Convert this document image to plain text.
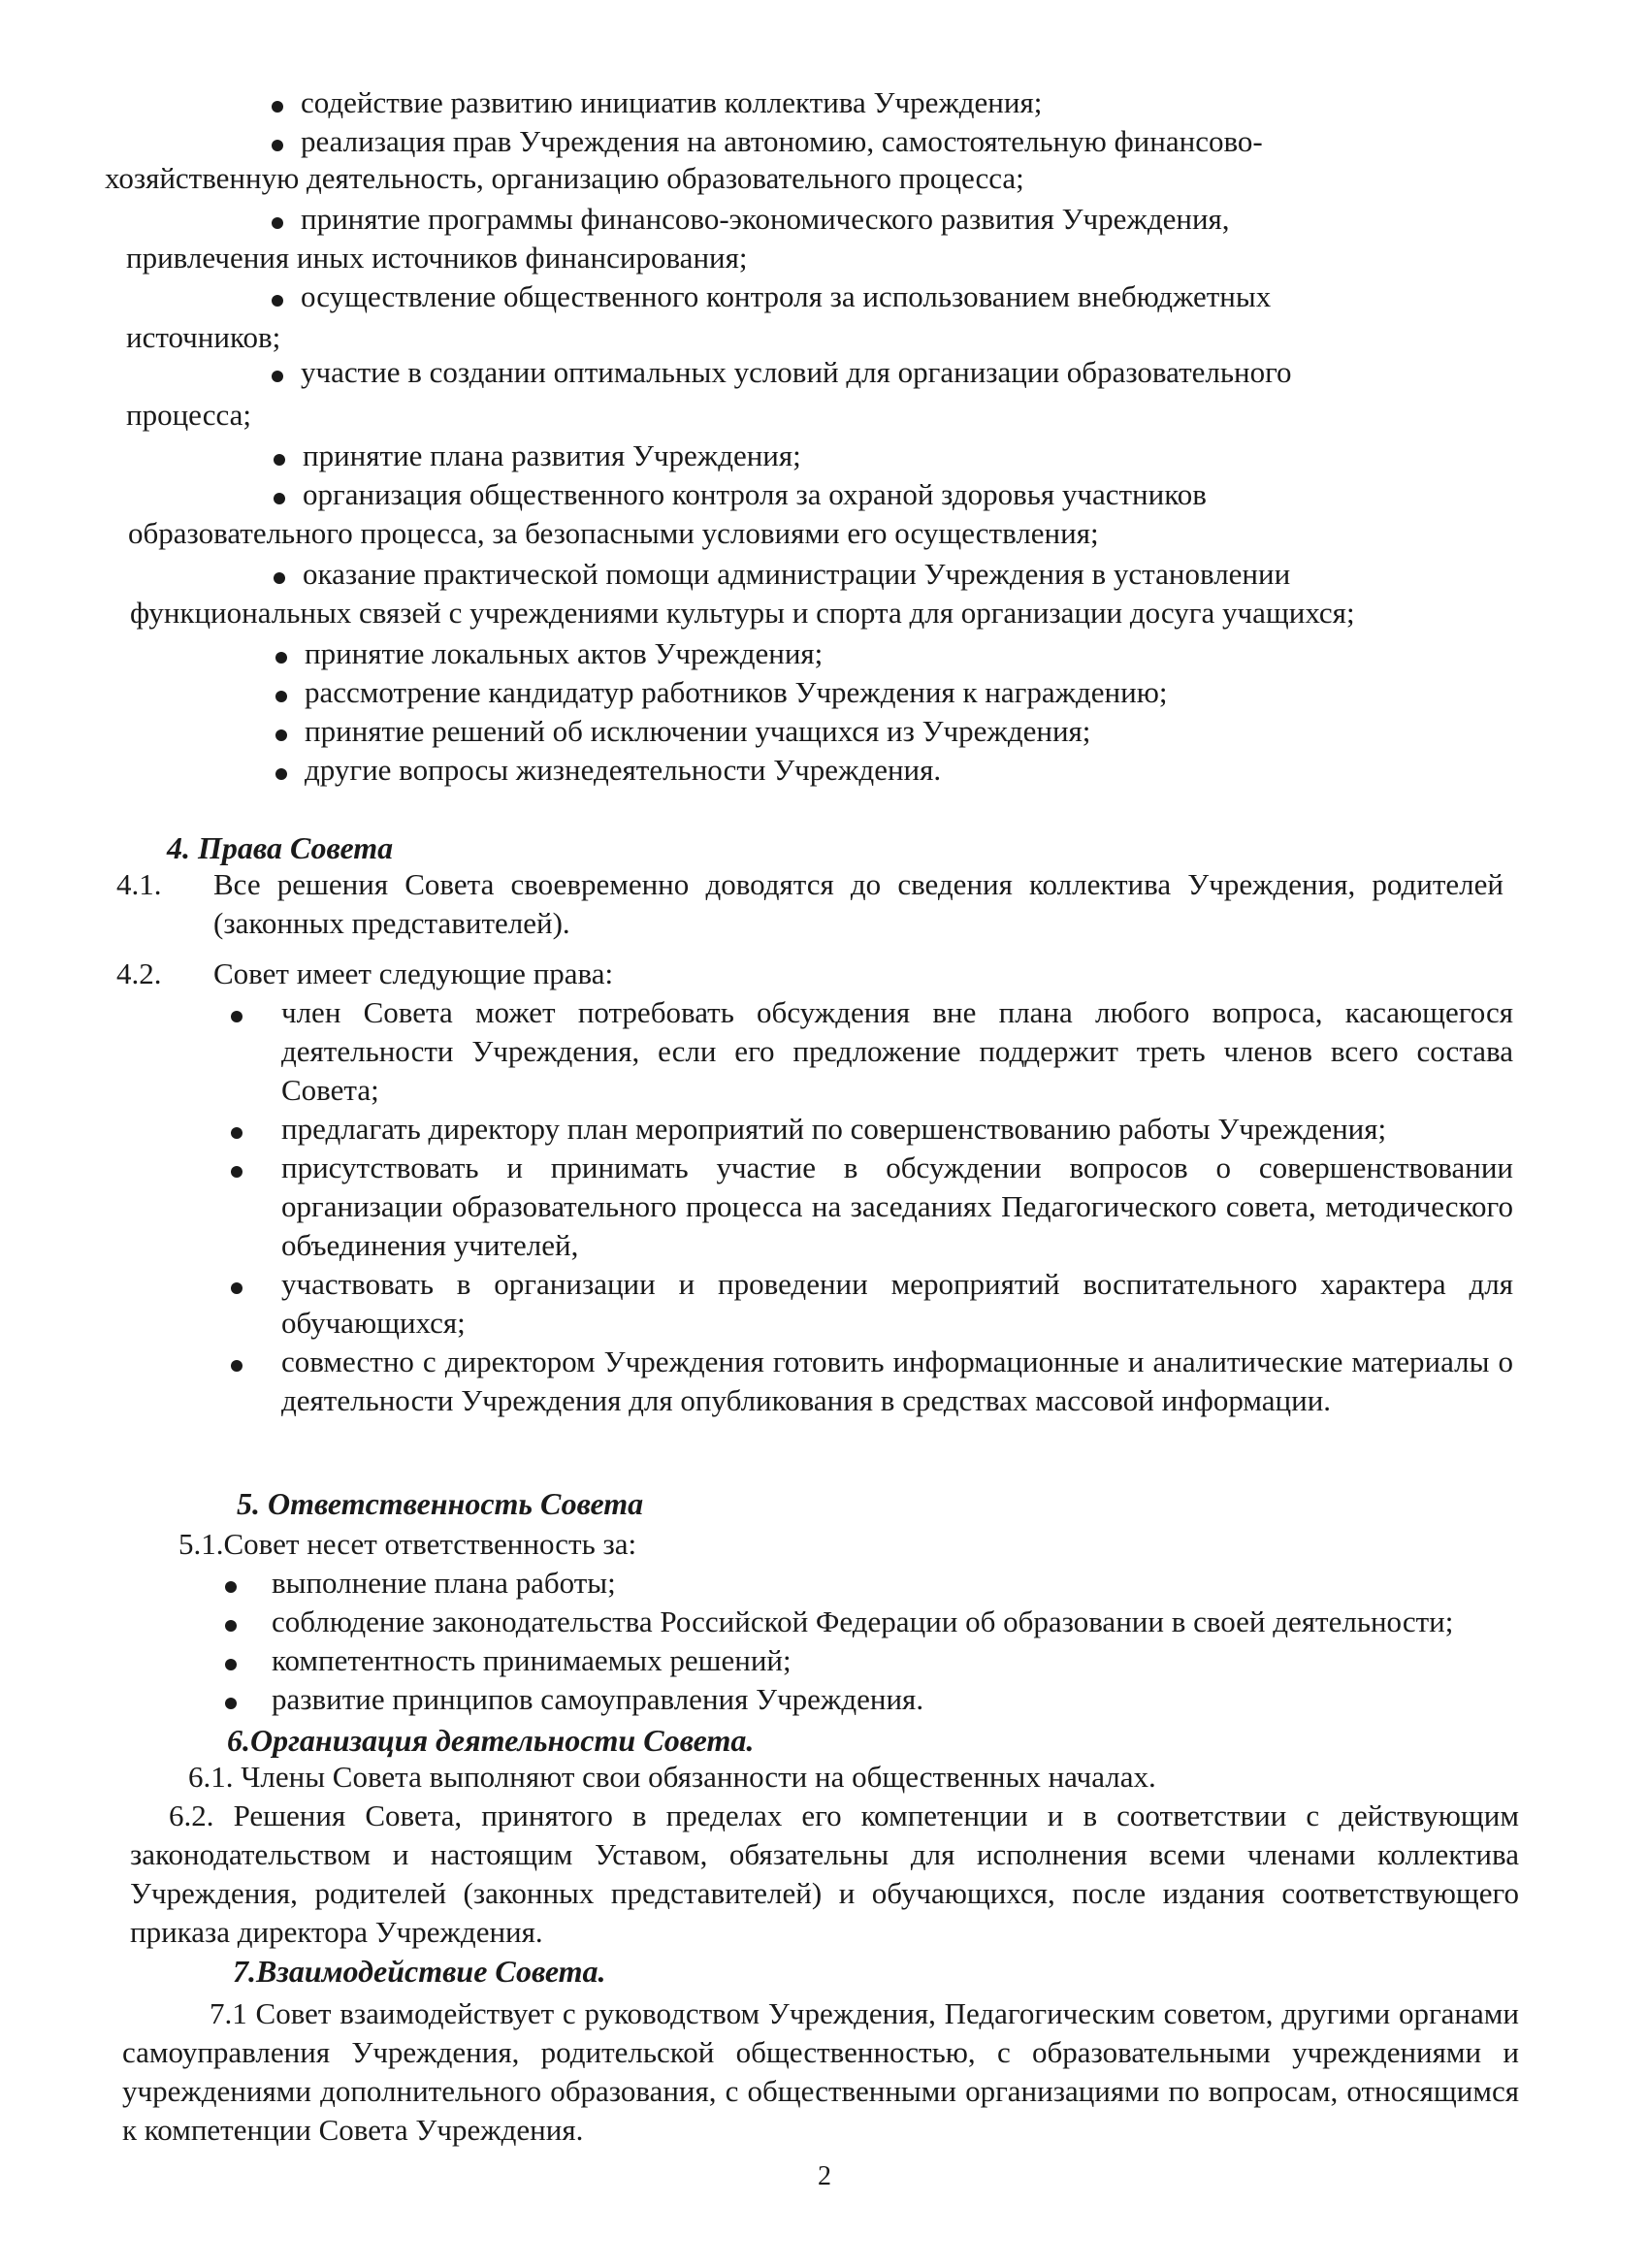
содействие развитию инициатив коллектива Учреждения;
реализация прав Учреждения на автономию, самостоятельную финансово-
хозяйственную деятельность, организацию образовательного процесса;
принятие программы финансово-экономического развития Учреждения,
привлечения иных источников финансирования;
осуществление общественного контроля за использованием внебюджетных
источников;
участие в создании оптимальных условий для организации образовательного
процесса;
принятие плана развития Учреждения;
организация общественного контроля за охраной здоровья участников
образовательного процесса, за безопасными условиями его осуществления;
оказание практической помощи администрации Учреждения в установлении
функциональных связей с учреждениями культуры и спорта для организации досуга учащихся;
принятие локальных актов Учреждения;
рассмотрение кандидатур работников Учреждения к награждению;
принятие решений об исключении учащихся из Учреждения;
другие вопросы жизнедеятельности Учреждения.
4. Права Совета
4.1. Все решения Совета своевременно доводятся до сведения коллектива Учреждения, родителей (законных представителей).
4.2. Совет имеет следующие права:
член Совета может потребовать обсуждения вне плана любого вопроса, касающегося деятельности Учреждения, если его предложение поддержит треть членов всего состава Совета;
предлагать директору план мероприятий по совершенствованию работы Учреждения;
присутствовать и принимать участие в обсуждении вопросов о совершенствовании организации образовательного процесса на заседаниях Педагогического совета, методического объединения учителей,
участвовать в организации и проведении мероприятий воспитательного характера для обучающихся;
совместно с директором Учреждения готовить информационные и аналитические материалы о деятельности Учреждения для опубликования в средствах массовой информации.
5. Ответственность Совета
5.1.Совет несет ответственность за:
выполнение плана работы;
соблюдение законодательства Российской Федерации об образовании в своей деятельности;
компетентность принимаемых решений;
развитие принципов самоуправления Учреждения.
6.Организация деятельности Совета.
6.1. Члены Совета выполняют свои обязанности на общественных началах.
6.2. Решения Совета, принятого в пределах его компетенции и в соответствии с действующим законодательством и настоящим Уставом, обязательны для исполнения всеми членами коллектива Учреждения, родителей (законных представителей) и обучающихся, после издания соответствующего приказа директора Учреждения.
7.Взаимодействие Совета.
7.1 Совет взаимодействует с руководством Учреждения, Педагогическим советом, другими органами самоуправления Учреждения, родительской общественностью, с образовательными учреждениями и учреждениями дополнительного образования, с общественными организациями по вопросам, относящимся к компетенции Совета Учреждения.
2
